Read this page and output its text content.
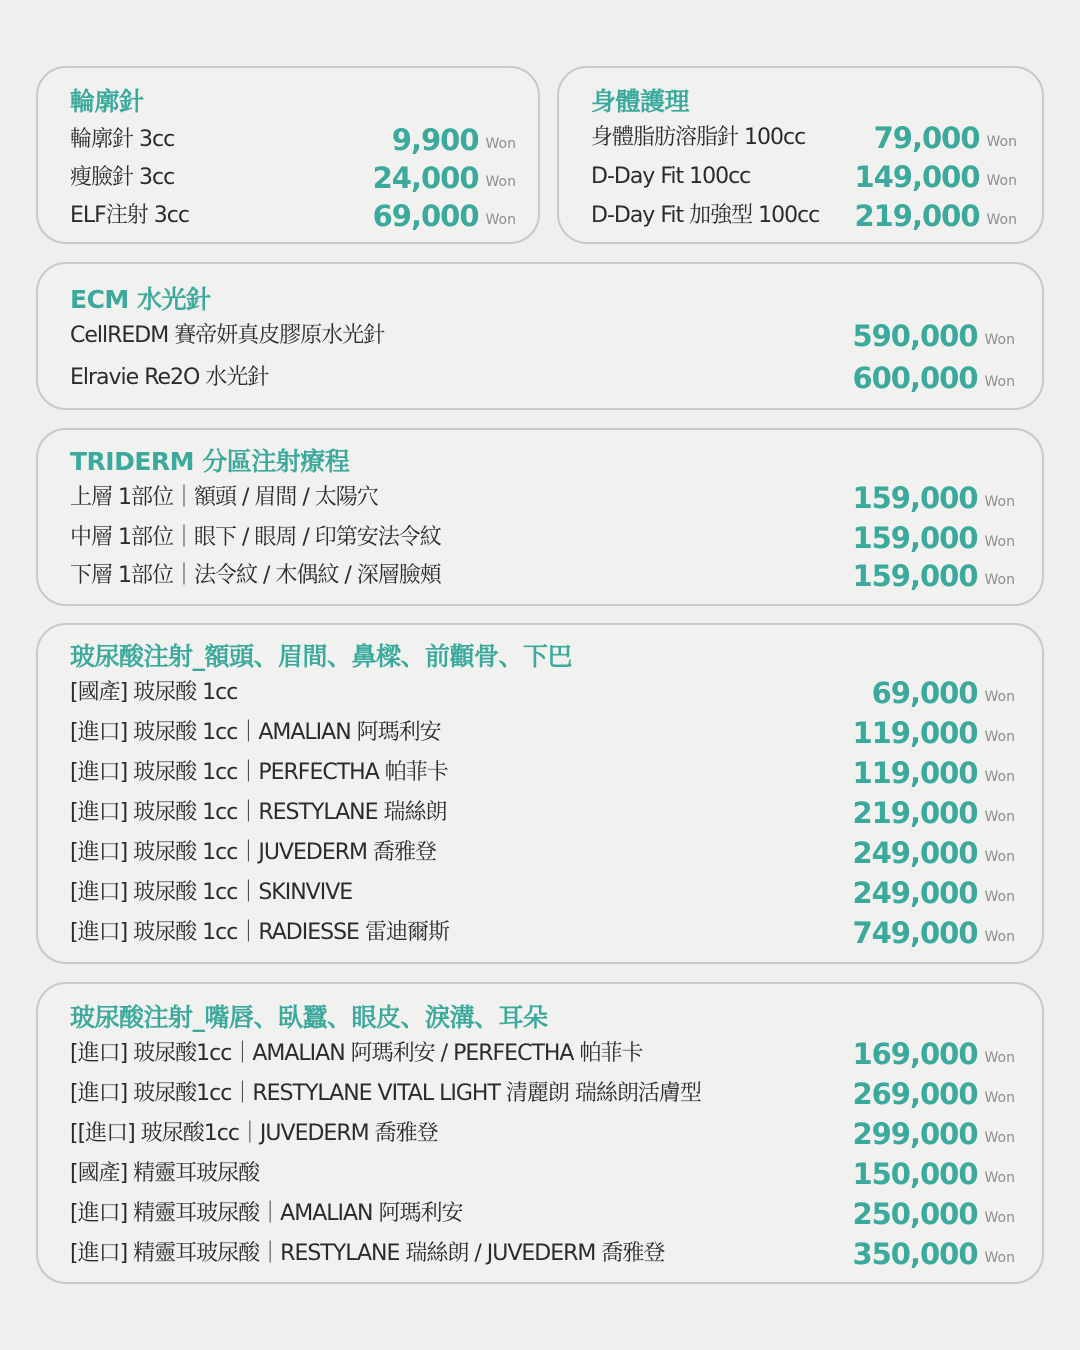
輪廓針
輪廓針 3cc	9,900 Won
瘦臉針 3cc	24,000 Won
ELF注射 3cc	69,000 Won
身體護理
身體脂肪溶脂針 100cc 79,000 Won
D-Day Fit 100cc	149,000 Won
D-Day Fit 加強型 100cc 219,000 Won
ECM 水光針
CellREDM 賽帝妍真皮膠原水光針	590,000 Won
Elravie Re2O 水光針	600,000 Won
TRIDERM 分區注射療程
上層 1部位｜額頭 / 眉間 / 太陽穴	159,000 Won
中層 1部位｜眼下 / 眼周 / 印第安法令紋	159,000 Won
下層 1部位｜法令紋 / 木偶紋 / 深層臉頰	159,000 Won
玻尿酸注射_額頭、眉間、鼻樑、前顴骨、下巴
[國產] 玻尿酸 1cc	69,000 Won
[進口] 玻尿酸 1cc｜AMALIAN 阿瑪利安	119,000 Won
[進口] 玻尿酸 1cc｜PERFECTHA 帕菲卡	119,000 Won
[進口] 玻尿酸 1cc｜RESTYLANE 瑞絲朗	219,000 Won
[進口] 玻尿酸 1cc｜JUVEDERM 喬雅登	249,000 Won
[進口] 玻尿酸 1cc｜SKINVIVE	249,000 Won
[進口] 玻尿酸 1cc｜RADIESSE 雷迪爾斯	749,000 Won
玻尿酸注射_嘴唇、臥蠶、眼皮、淚溝、耳朵
[進口] 玻尿酸1cc｜AMALIAN 阿瑪利安 / PERFECTHA 帕菲卡	169,000 Won
[進口] 玻尿酸1cc｜RESTYLANE VITAL LIGHT 清麗朗 瑞絲朗活膚型	269,000 Won
[[進口] 玻尿酸1cc｜JUVEDERM 喬雅登	299,000 Won
[國產] 精靈耳玻尿酸	150,000 Won
[進口] 精靈耳玻尿酸｜AMALIAN 阿瑪利安	250,000 Won
[進口] 精靈耳玻尿酸｜RESTYLANE 瑞絲朗 / JUVEDERM 喬雅登	350,000 Won
